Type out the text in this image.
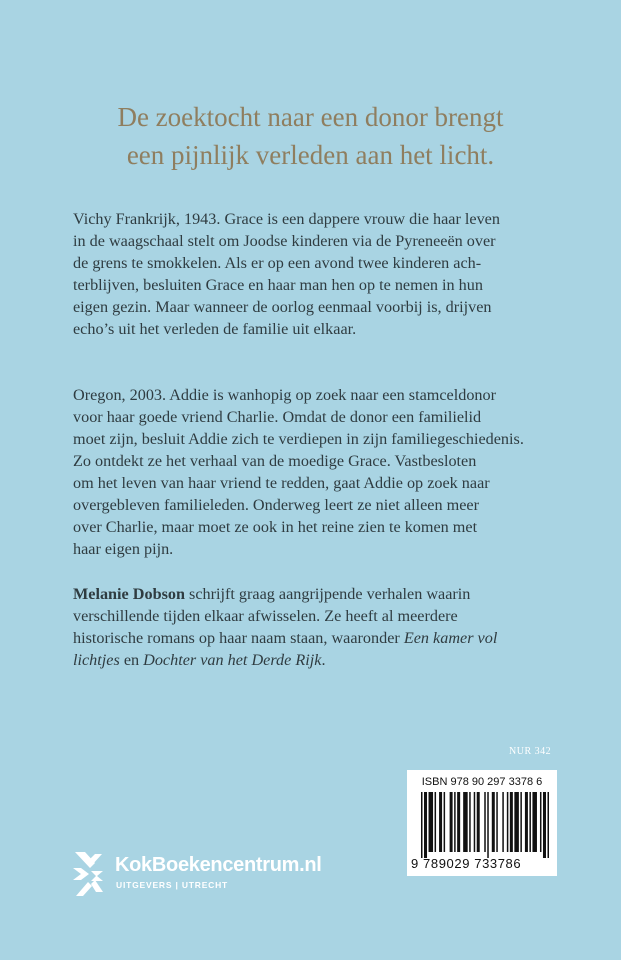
De zoektocht naar een donor brengt
een pijnlijk verleden aan het licht.
Vichy Frankrijk, 1943. Grace is een dappere vrouw die haar leven
in de waagschaal stelt om Joodse kinderen via de Pyreneeën over
de grens te smokkelen. Als er op een avond twee kinderen ach-
terblijven, besluiten Grace en haar man hen op te nemen in hun
eigen gezin. Maar wanneer de oorlog eenmaal voorbij is, drijven
echo’s uit het verleden de familie uit elkaar.
Oregon, 2003. Addie is wanhopig op zoek naar een stamceldonor
voor haar goede vriend Charlie. Omdat de donor een familielid
moet zijn, besluit Addie zich te verdiepen in zijn familiegeschiedenis.
Zo ontdekt ze het verhaal van de moedige Grace. Vastbesloten
om het leven van haar vriend te redden, gaat Addie op zoek naar
overgebleven familieleden. Onderweg leert ze niet alleen meer
over Charlie, maar moet ze ook in het reine zien te komen met
haar eigen pijn.
Melanie Dobson schrijft graag aangrijpende verhalen waarin
verschillende tijden elkaar afwisselen. Ze heeft al meerdere
historische romans op haar naam staan, waaronder Een kamer vol
lichtjes en Dochter van het Derde Rijk.
NUR 342
ISBN 978 90 297 3378 6
9 789029 733786
KokBoekencentrum.nl
UITGEVERS | UTRECHT
